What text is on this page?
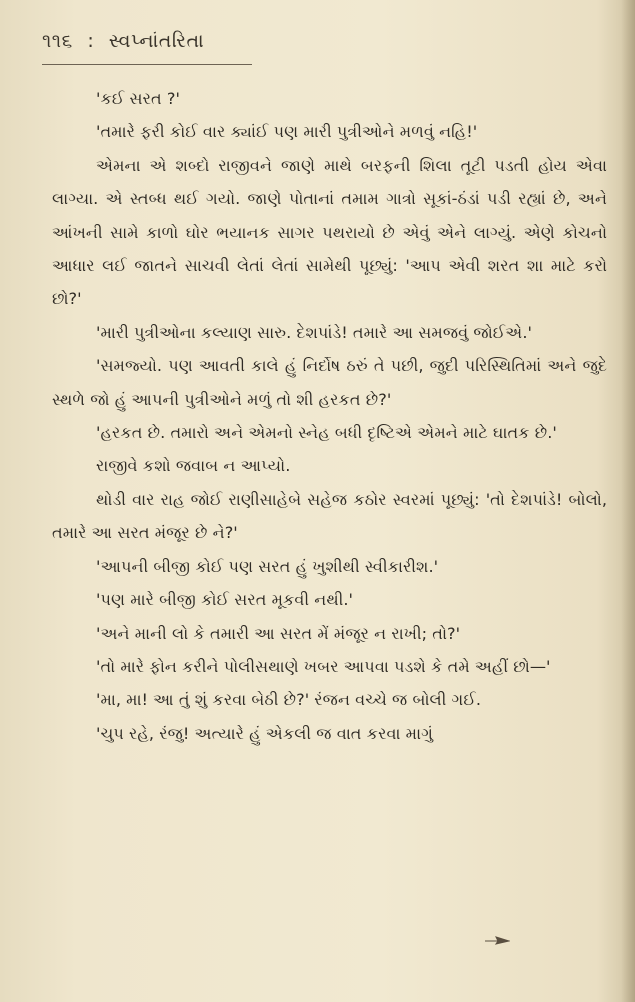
૧૧૬ : સ્વપ્નાંતરિતા

'કઈ સરત ?'

'તમારે ફરી કોઈ વાર ક્યાંઈ પણ મારી પુત્રીઓને મળવું નહિ!'

એમના એ શબ્દો રાજીવને જાણે માથે બરફની શિલા તૂટી પડતી હોય એવા લાગ્યા. એ સ્તબ્ધ થઈ ગયો. જાણે પોતાનાં તમામ ગાત્રો સૂકાં-ઠંડાં પડી રહ્યાં છે, અને આંખની સામે કાળો ઘોર ભયાનક સાગર પથરાયો છે એવું એને લાગ્યું. એણે કોચનો આધાર લઈ જાતને સાચવી લેતાં લેતાં સામેથી પૂછ્યું: 'આપ એવી શરત શા માટે કરો છો?'

'મારી પુત્રીઓના કલ્યાણ સારુ. દેશપાંડે! તમારે આ સમજવું જોઈએ.'

'સમજ્યો. પણ આવતી કાલે હું નિર્દોષ ઠરું તે પછી, જુદી પરિસ્થિતિમાં અને જુદે સ્થળે જો હું આપની પુત્રીઓને મળું તો શી હરકત છે?'

'હરકત છે. તમારો અને એમનો સ્નેહ બધી દૃષ્ટિએ એમને માટે ઘાતક છે.'

રાજીવે કશો જવાબ ન આપ્યો.

થોડી વાર રાહ જોઈ રાણીસાહેબે સહેજ કઠોર સ્વરમાં પૂછ્યું: 'તો દેશપાંડે! બોલો, તમારે આ સરત મંજૂર છે ને?'

'આપની બીજી કોઈ પણ સરત હું ખુશીથી સ્વીકારીશ.'

'પણ મારે બીજી કોઈ સરત મૂકવી નથી.'

'અને માની લો કે તમારી આ સરત મેં મંજૂર ન રાખી; તો?'

'તો મારે ફોન કરીને પોલીસથાણે ખબર આપવા પડશે કે તમે અહીં છો—'

'મા, મા! આ તું શું કરવા બેઠી છે?' રંજન વચ્ચે જ બોલી ગઈ.

'ચુપ રહે, રંજુ! અત્યારે હું એકલી જ વાત કરવા માગું
